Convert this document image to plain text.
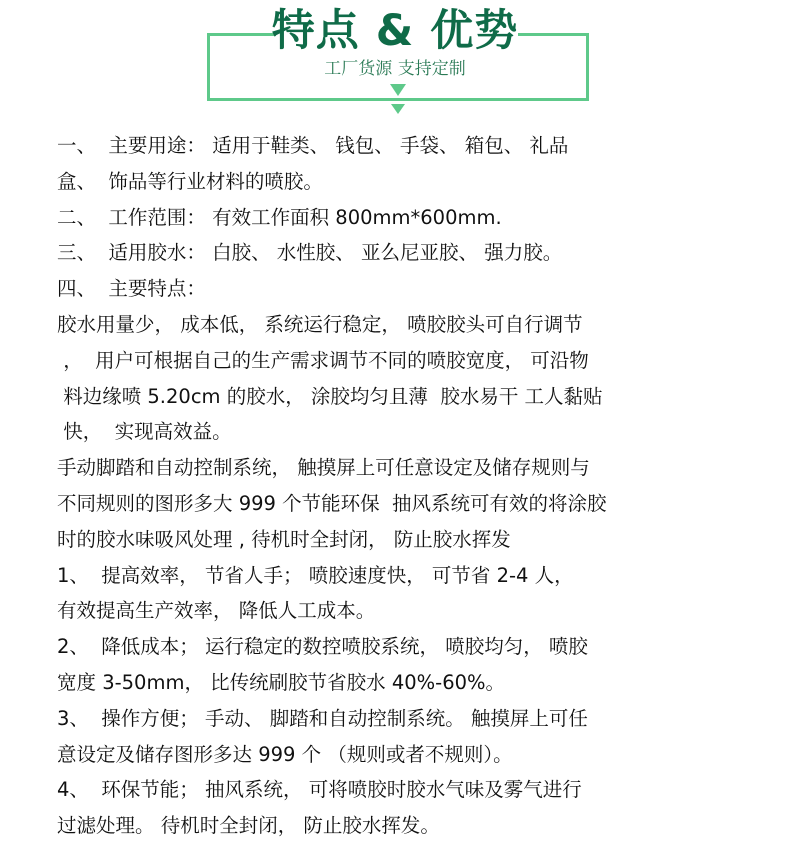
特点 & 优势
工厂货源 支持定制
一、  主要用途： 适用于鞋类、 钱包、 手袋、 箱包、 礼品
盒、  饰品等行业材料的喷胶。
二、  工作范围： 有效工作面积 800mm*600mm.
三、  适用胶水： 白胶、 水性胶、 亚么尼亚胶、 强力胶。
四、  主要特点：
胶水用量少， 成本低， 系统运行稳定， 喷胶胶头可自行调节
，  用户可根据自己的生产需求调节不同的喷胶宽度， 可沿物
料边缘喷 5.20cm 的胶水， 涂胶均匀且薄  胶水易干 工人黏贴
快，  实现高效益。
手动脚踏和自动控制系统， 触摸屏上可任意设定及储存规则与
不同规则的图形多大 999 个节能环保  抽风系统可有效的将涂胶
时的胶水味吸风处理 , 待机时全封闭， 防止胶水挥发
1、  提高效率， 节省人手； 喷胶速度快， 可节省 2-4 人，
有效提高生产效率， 降低人工成本。
2、  降低成本； 运行稳定的数控喷胶系统， 喷胶均匀， 喷胶
宽度 3-50mm， 比传统刷胶节省胶水 40%-60%。
3、  操作方便； 手动、 脚踏和自动控制系统。 触摸屏上可任
意设定及储存图形多达 999 个 （规则或者不规则）。
4、  环保节能； 抽风系统， 可将喷胶时胶水气味及雾气进行
过滤处理。 待机时全封闭， 防止胶水挥发。
